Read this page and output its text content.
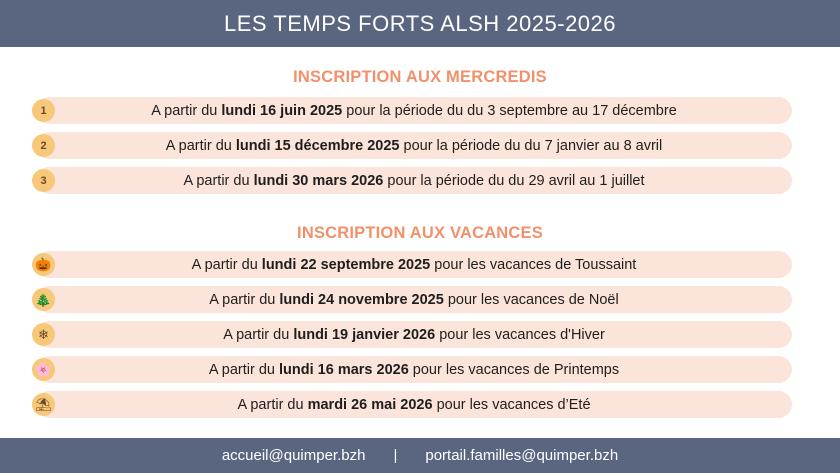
LES TEMPS FORTS ALSH 2025-2026
INSCRIPTION AUX MERCREDIS
A partir du
lundi 16 juin 2025
pour la période du du 3 septembre au 17 décembre
1
A partir du
lundi 15 décembre 2025
pour la période du du 7 janvier au 8 avril
2
A partir du
lundi 30 mars 2026
pour la période du du 29 avril au 1 juillet
3
INSCRIPTION AUX VACANCES
A partir du
lundi 22 septembre 2025
pour les vacances de Toussaint
🎃
A partir du
lundi 24 novembre 2025
pour les vacances de Noël
🎄
A partir du
lundi 19 janvier 2026
pour les vacances d'Hiver
❄
A partir du
lundi 16 mars 2026
pour les vacances de Printemps
🌸
A partir du
mardi 26 mai 2026
pour les vacances d’Eté
⛱
accueil@quimper.bzh | portail.familles@quimper.bzh
